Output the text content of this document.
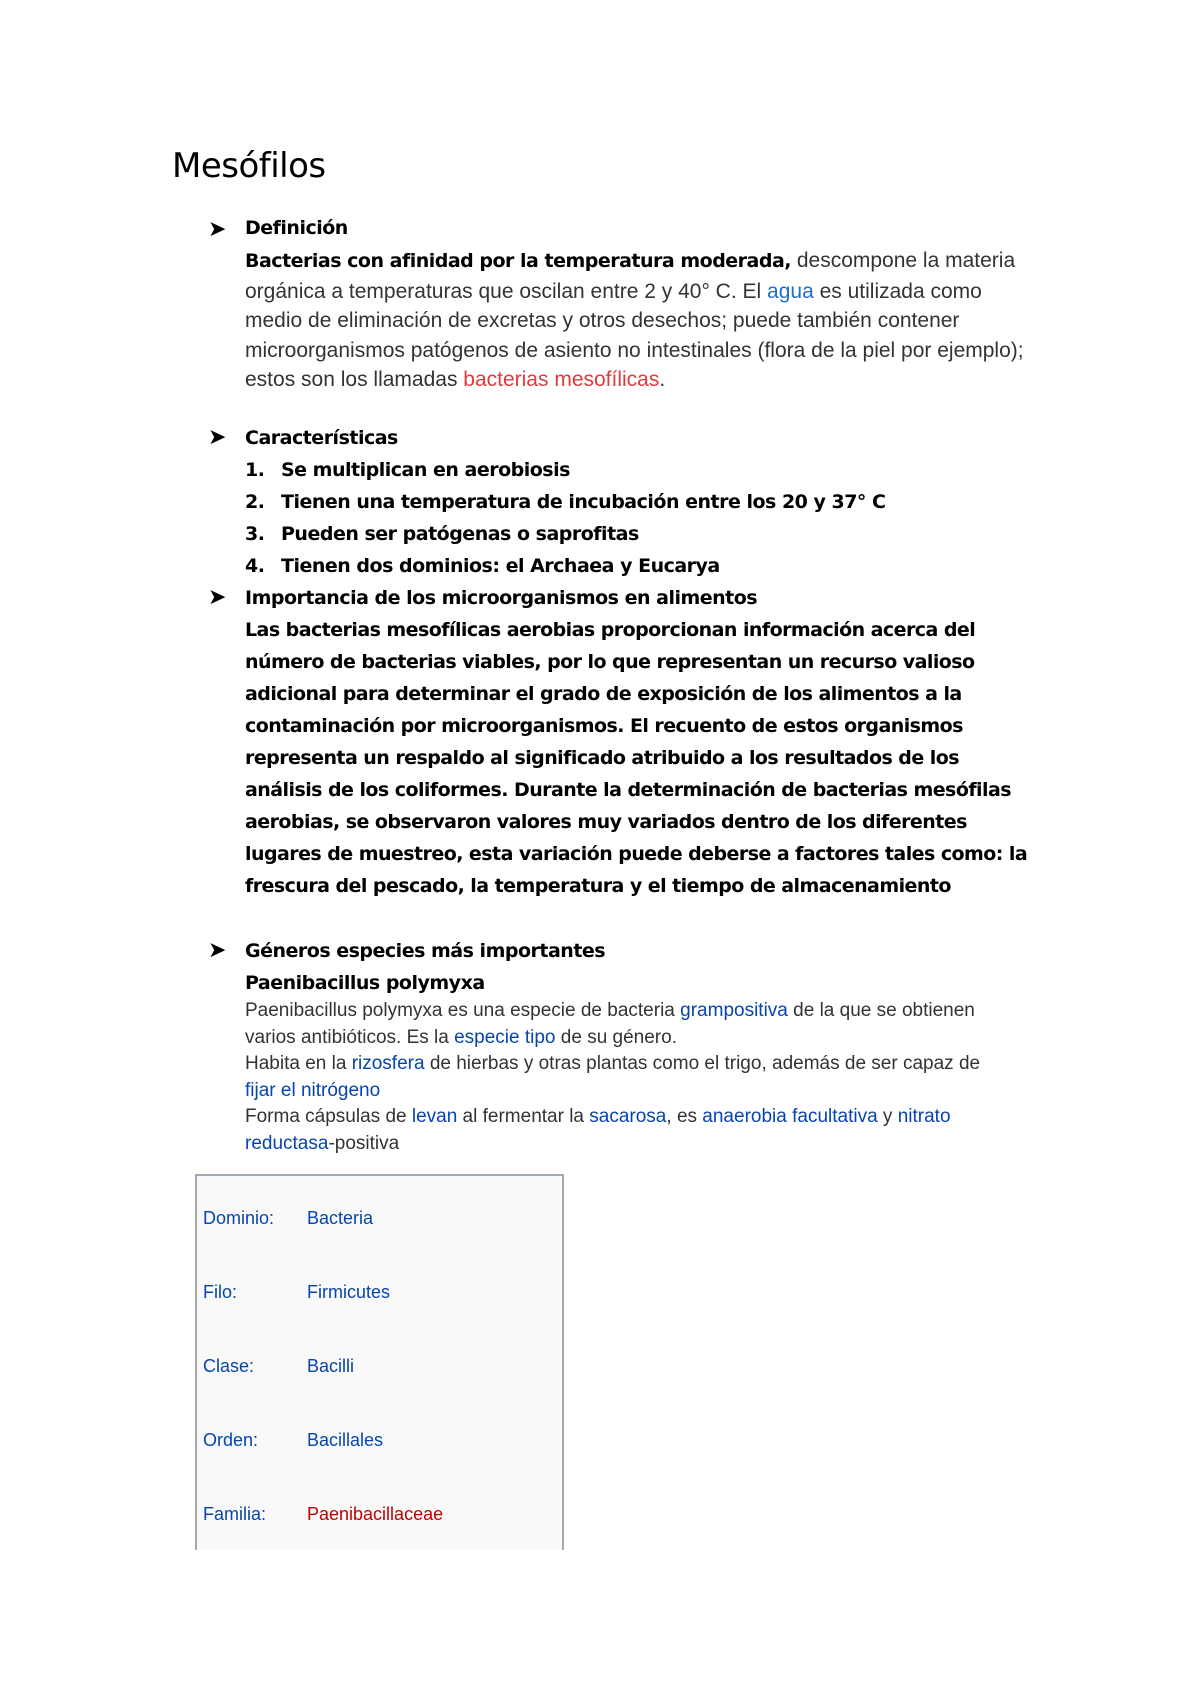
Mesófilos
➤ Definición
Bacterias con afinidad por la temperatura moderada, descompone la materia orgánica a temperaturas que oscilan entre 2 y 40° C. El agua es utilizada como medio de eliminación de excretas y otros desechos; puede también contener microorganismos patógenos de asiento no intestinales (flora de la piel por ejemplo); estos son los llamadas bacterias mesofílicas.
➤ Características
1. Se multiplican en aerobiosis
2. Tienen una temperatura de incubación entre los 20 y 37° C
3. Pueden ser patógenas o saprofitas
4. Tienen dos dominios: el Archaea y Eucarya
➤ Importancia de los microorganismos en alimentos
Las bacterias mesofílicas aerobias proporcionan información acerca del número de bacterias viables, por lo que representan un recurso valioso adicional para determinar el grado de exposición de los alimentos a la contaminación por microorganismos. El recuento de estos organismos representa un respaldo al significado atribuido a los resultados de los análisis de los coliformes. Durante la determinación de bacterias mesófilas aerobias, se observaron valores muy variados dentro de los diferentes lugares de muestreo, esta variación puede deberse a factores tales como: la frescura del pescado, la temperatura y el tiempo de almacenamiento
➤ Géneros especies más importantes
Paenibacillus polymyxa
Paenibacillus polymyxa es una especie de bacteria grampositiva de la que se obtienen varios antibióticos. Es la especie tipo de su género.
Habita en la rizosfera de hierbas y otras plantas como el trigo, además de ser capaz de fijar el nitrógeno
Forma cápsulas de levan al fermentar la sacarosa, es anaerobia facultativa y nitrato reductasa-positiva
Dominio: Bacteria
Filo:	Firmicutes
Clase:	Bacilli
Orden:	Bacillales
Familia: Paenibacillaceae
